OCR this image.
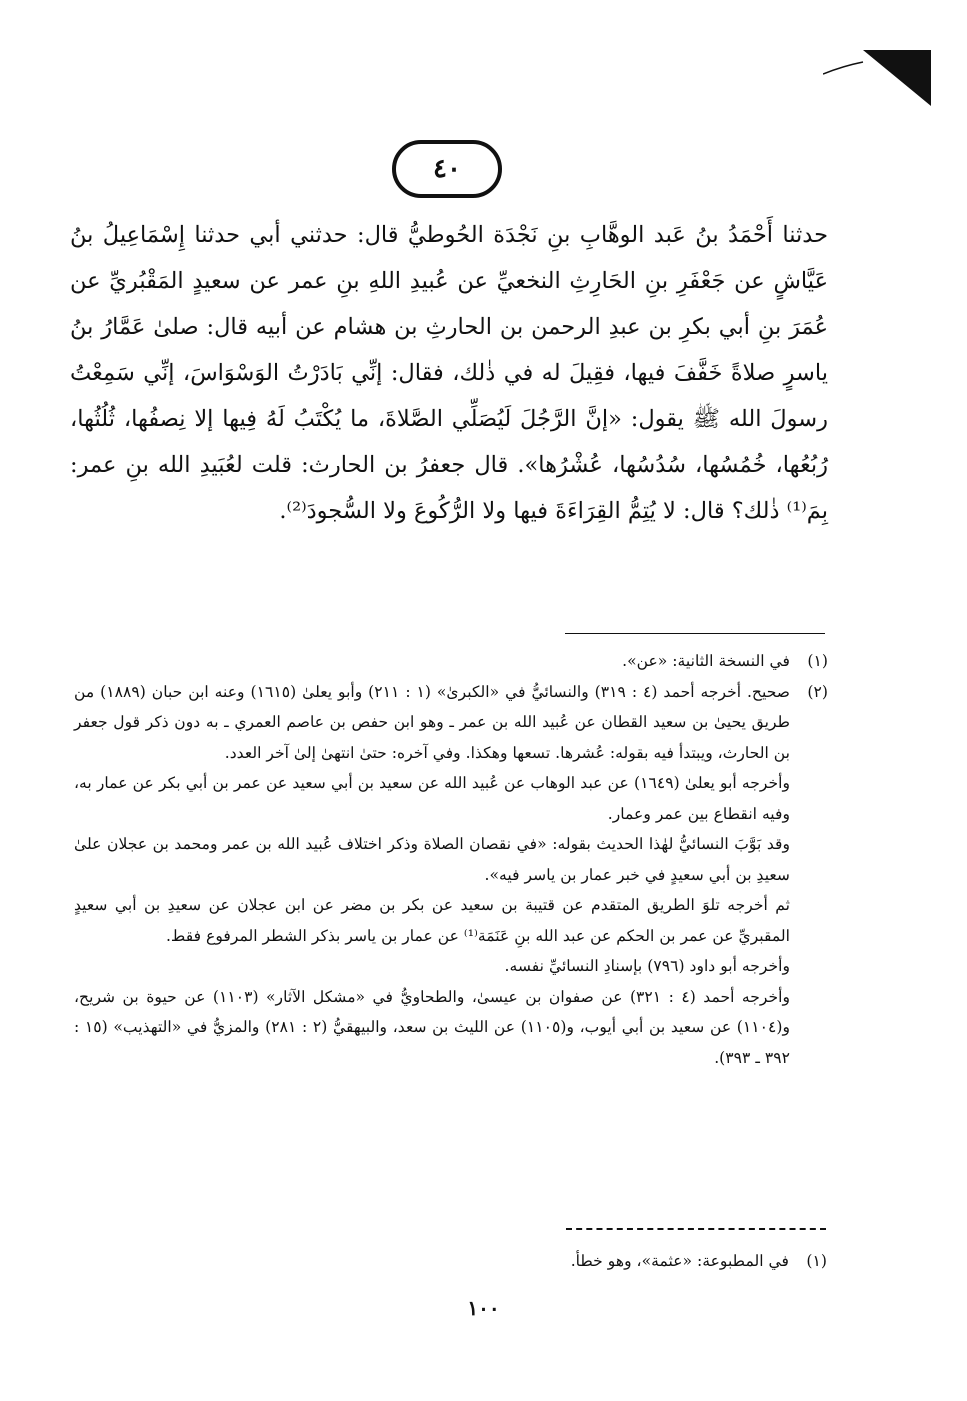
٤٠

حدثنا أَحْمَدُ بنُ عَبد الوهَّابِ بنِ نَجْدَة الحُوطيُّ قال: حدثني أبي حدثنا إِسْمَاعِيلُ بنُ عَيَّاشٍ عن جَعْفَرِ بنِ الحَارِثِ النخعيِّ عن عُبيدِ اللهِ بنِ عمر عن سعيدٍ المَقْبُريِّ عن عُمَرَ بنِ أبي بكرِ بن عبدِ الرحمن بن الحارثِ بن هشام عن أبيه قال: صلىٰ عَمَّارُ بنُ ياسرٍ صلاةً خَفَّفَ فيها، فقِيلَ له في ذٰلك، فقال: إنِّي بَادَرْتُ الوَسْوَاسَ، إنِّي سَمِعْتُ رسولَ الله ﷺ يقول: «إنَّ الرَّجُلَ لَيُصَلِّي الصَّلاةَ، ما يُكْتَبُ لَهُ فِيها إلا نِصفُها، ثُلُثُها، رُبُعُها، خُمُسُها، سُدُسُها، عُشْرُها». قال جعفرُ بن الحارث: قلت لعُبَيدِ الله بنِ عمر: بِمَ⁽¹⁾ ذٰلك؟ قال: لا يُتِمُّ القِرَاءَةَ فيها ولا الرُّكُوعَ ولا السُّجودَ⁽²⁾.

(١)

في النسخة الثانية: «عن».

(٢)

صحيح. أخرجه أحمد (٤ : ٣١٩) والنسائيُّ في «الكبرىٰ» (١ : ٢١١) وأبو يعلىٰ (١٦١٥) وعنه ابن حبان (١٨٨٩) من طريق يحيىٰ بن سعيد القطان عن عُبيد الله بن عمر ـ وهو ابن حفص بن عاصم العمري ـ به دون ذكر قول جعفر بن الحارث، ويبتدأ فيه بقوله: عُشرها. تسعها وهكذا. وفي آخره: حتىٰ انتهىٰ إلىٰ آخر العدد.

وأخرجه أبو يعلىٰ (١٦٤٩) عن عبد الوهاب عن عُبيد الله عن سعيد بن أبي سعيد عن عمر بن أبي بكر عن عمار به، وفيه انقطاع بين عمر وعمار.

وقد بَوَّبَ النسائيُّ لهٰذا الحديث بقوله: «في نقصان الصلاة وذكر اختلاف عُبيد الله بن عمر ومحمد بن عجلان علىٰ سعيدِ بن أبي سعيدٍ في خبر عمار بن ياسر فيه».

ثم أخرجه تلوَ الطريق المتقدم عن قتيبة بن سعيد عن بكر بن مضر عن ابن عجلان عن سعيدِ بن أبي سعيدٍ المقبريِّ عن عمر بن الحكم عن عبد الله بنِ عَنَمَة⁽¹⁾ عن عمار بن ياسر بذكر الشطر المرفوع فقط.

وأخرجه أبو داود (٧٩٦) بإسنادِ النسائيِّ نفسه.

وأخرجه أحمد (٤ : ٣٢١) عن صفوان بن عيسىٰ، والطحاويُّ في «مشكل الآثار» (١١٠٣) عن حيوة بن شريح، و(١١٠٤) عن سعيد بن أبي أيوب، و(١١٠٥) عن الليث بن سعد، والبيهقيُّ (٢ : ٢٨١) والمزيُّ في «التهذيب» (١٥ : ٣٩٢ ـ ٣٩٣).

(١)
في المطبوعة: «عثمة»، وهو خطأ.
١٠٠
